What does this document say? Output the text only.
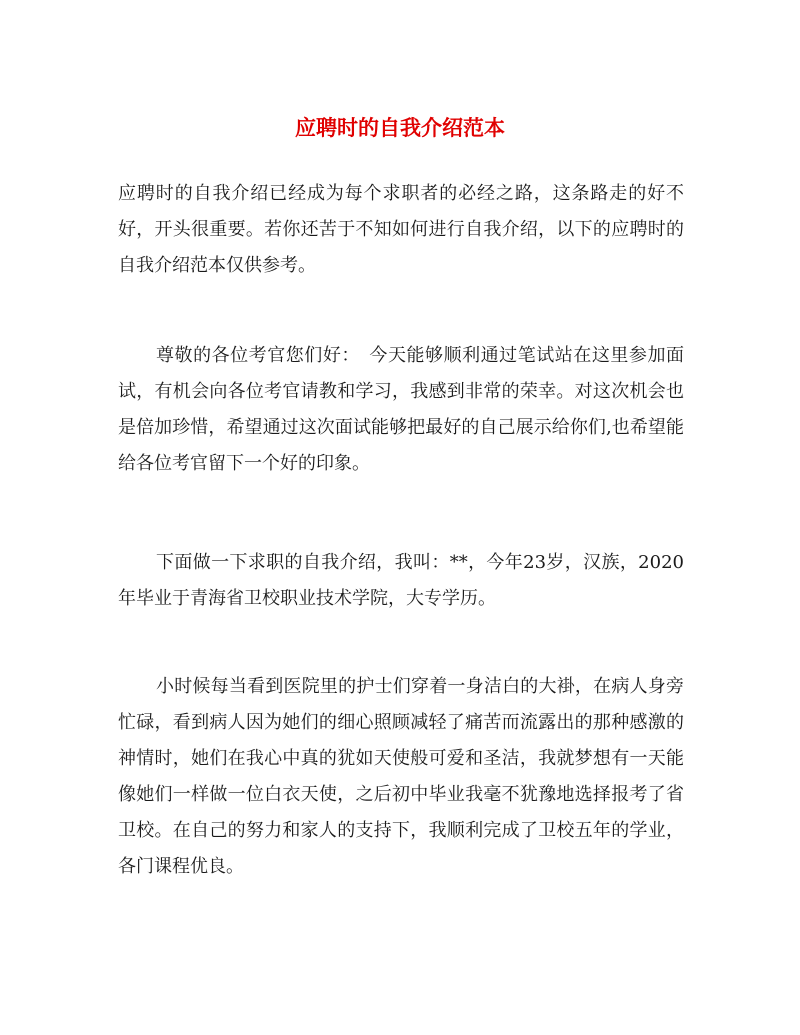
应聘时的自我介绍范本

应聘时的自我介绍已经成为每个求职者的必经之路，这条路走的好不好，开头很重要。若你还苦于不知如何进行自我介绍，以下的应聘时的自我介绍范本仅供参考。

尊敬的各位考官您们好：　今天能够顺利通过笔试站在这里参加面试，有机会向各位考官请教和学习，我感到非常的荣幸。对这次机会也是倍加珍惜，希望通过这次面试能够把最好的自己展示给你们,也希望能给各位考官留下一个好的印象。

下面做一下求职的自我介绍，我叫：**，今年23岁，汉族，2020年毕业于青海省卫校职业技术学院，大专学历。

小时候每当看到医院里的护士们穿着一身洁白的大褂，在病人身旁忙碌，看到病人因为她们的细心照顾减轻了痛苦而流露出的那种感激的神情时，她们在我心中真的犹如天使般可爱和圣洁，我就梦想有一天能像她们一样做一位白衣天使，之后初中毕业我毫不犹豫地选择报考了省卫校。在自己的努力和家人的支持下，我顺利完成了卫校五年的学业，各门课程优良。
